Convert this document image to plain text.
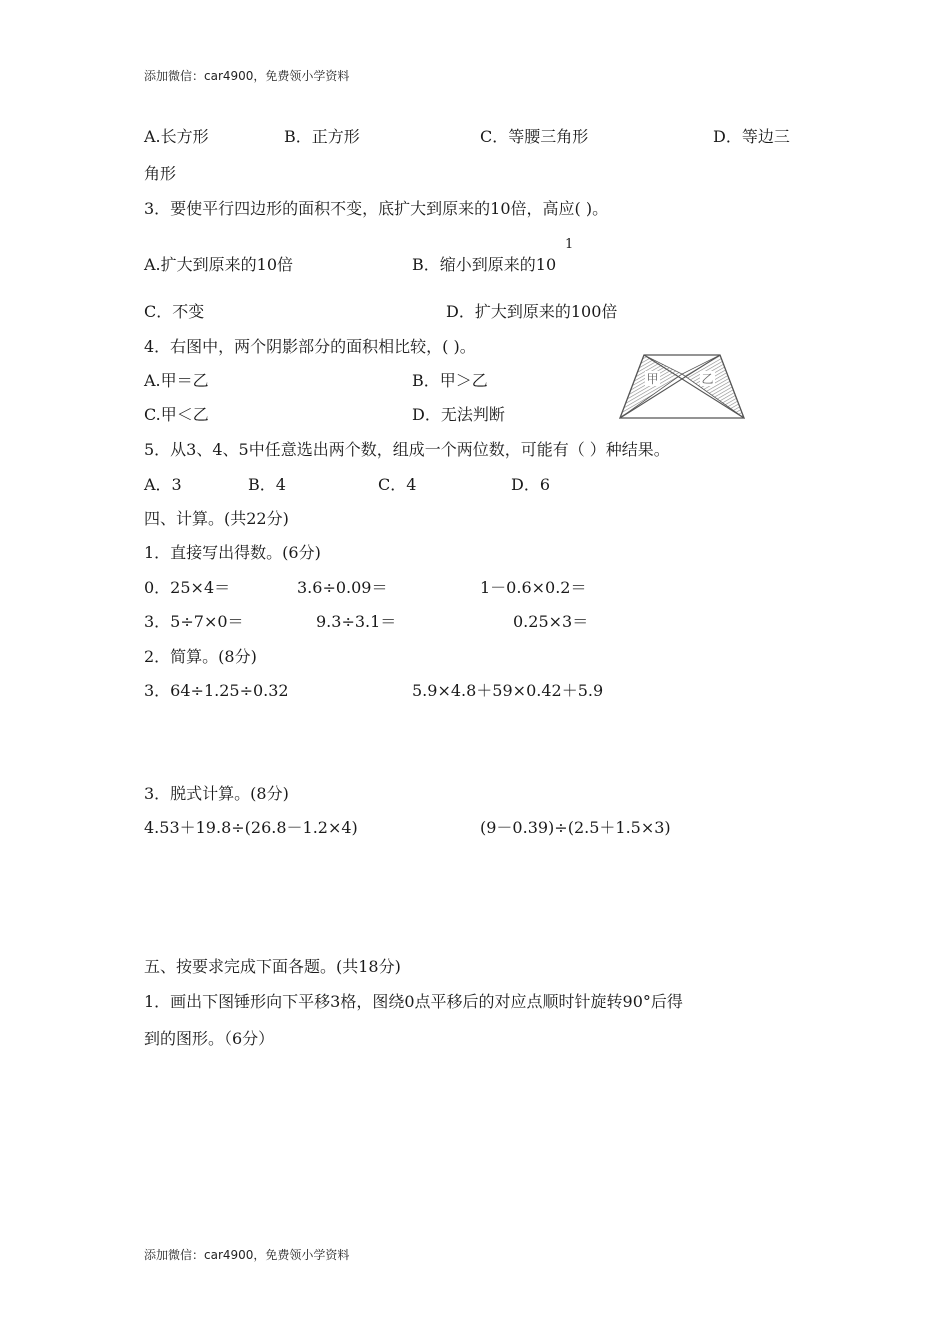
添加微信：car4900，免费领小学资料
A.长方形	B．正方形	C．等腰三角形	D．等边三
角形
3．要使平行四边形的面积不变，底扩大到原来的10倍，高应( )。
A.扩大到原来的10倍
1
B．缩小到原来的10
C．不变	D．扩大到原来的100倍
4．右图中，两个阴影部分的面积相比较，( )。
A.甲＝乙	B．甲＞乙
C.甲＜乙	D．无法判断
甲	乙
5．从3、4、5中任意选出两个数，组成一个两位数，可能有（ ）种结果。
A．3	B．4	C．4	D．6
四、计算。(共22分)
1．直接写出得数。(6分)
0．25×4＝	3.6÷0.09＝	1－0.6×0.2＝
3．5÷7×0＝	9.3÷3.1＝	0.25×3＝
2．简算。(8分)
3．64÷1.25÷0.32	5.9×4.8＋59×0.42＋5.9
3．脱式计算。(8分)
4.53＋19.8÷(26.8－1.2×4)	(9－0.39)÷(2.5＋1.5×3)
五、按要求完成下面各题。(共18分)
1．画出下图锤形向下平移3格，图绕0点平移后的对应点顺时针旋转90°后得
到的图形。（6分）
添加微信：car4900，免费领小学资料
